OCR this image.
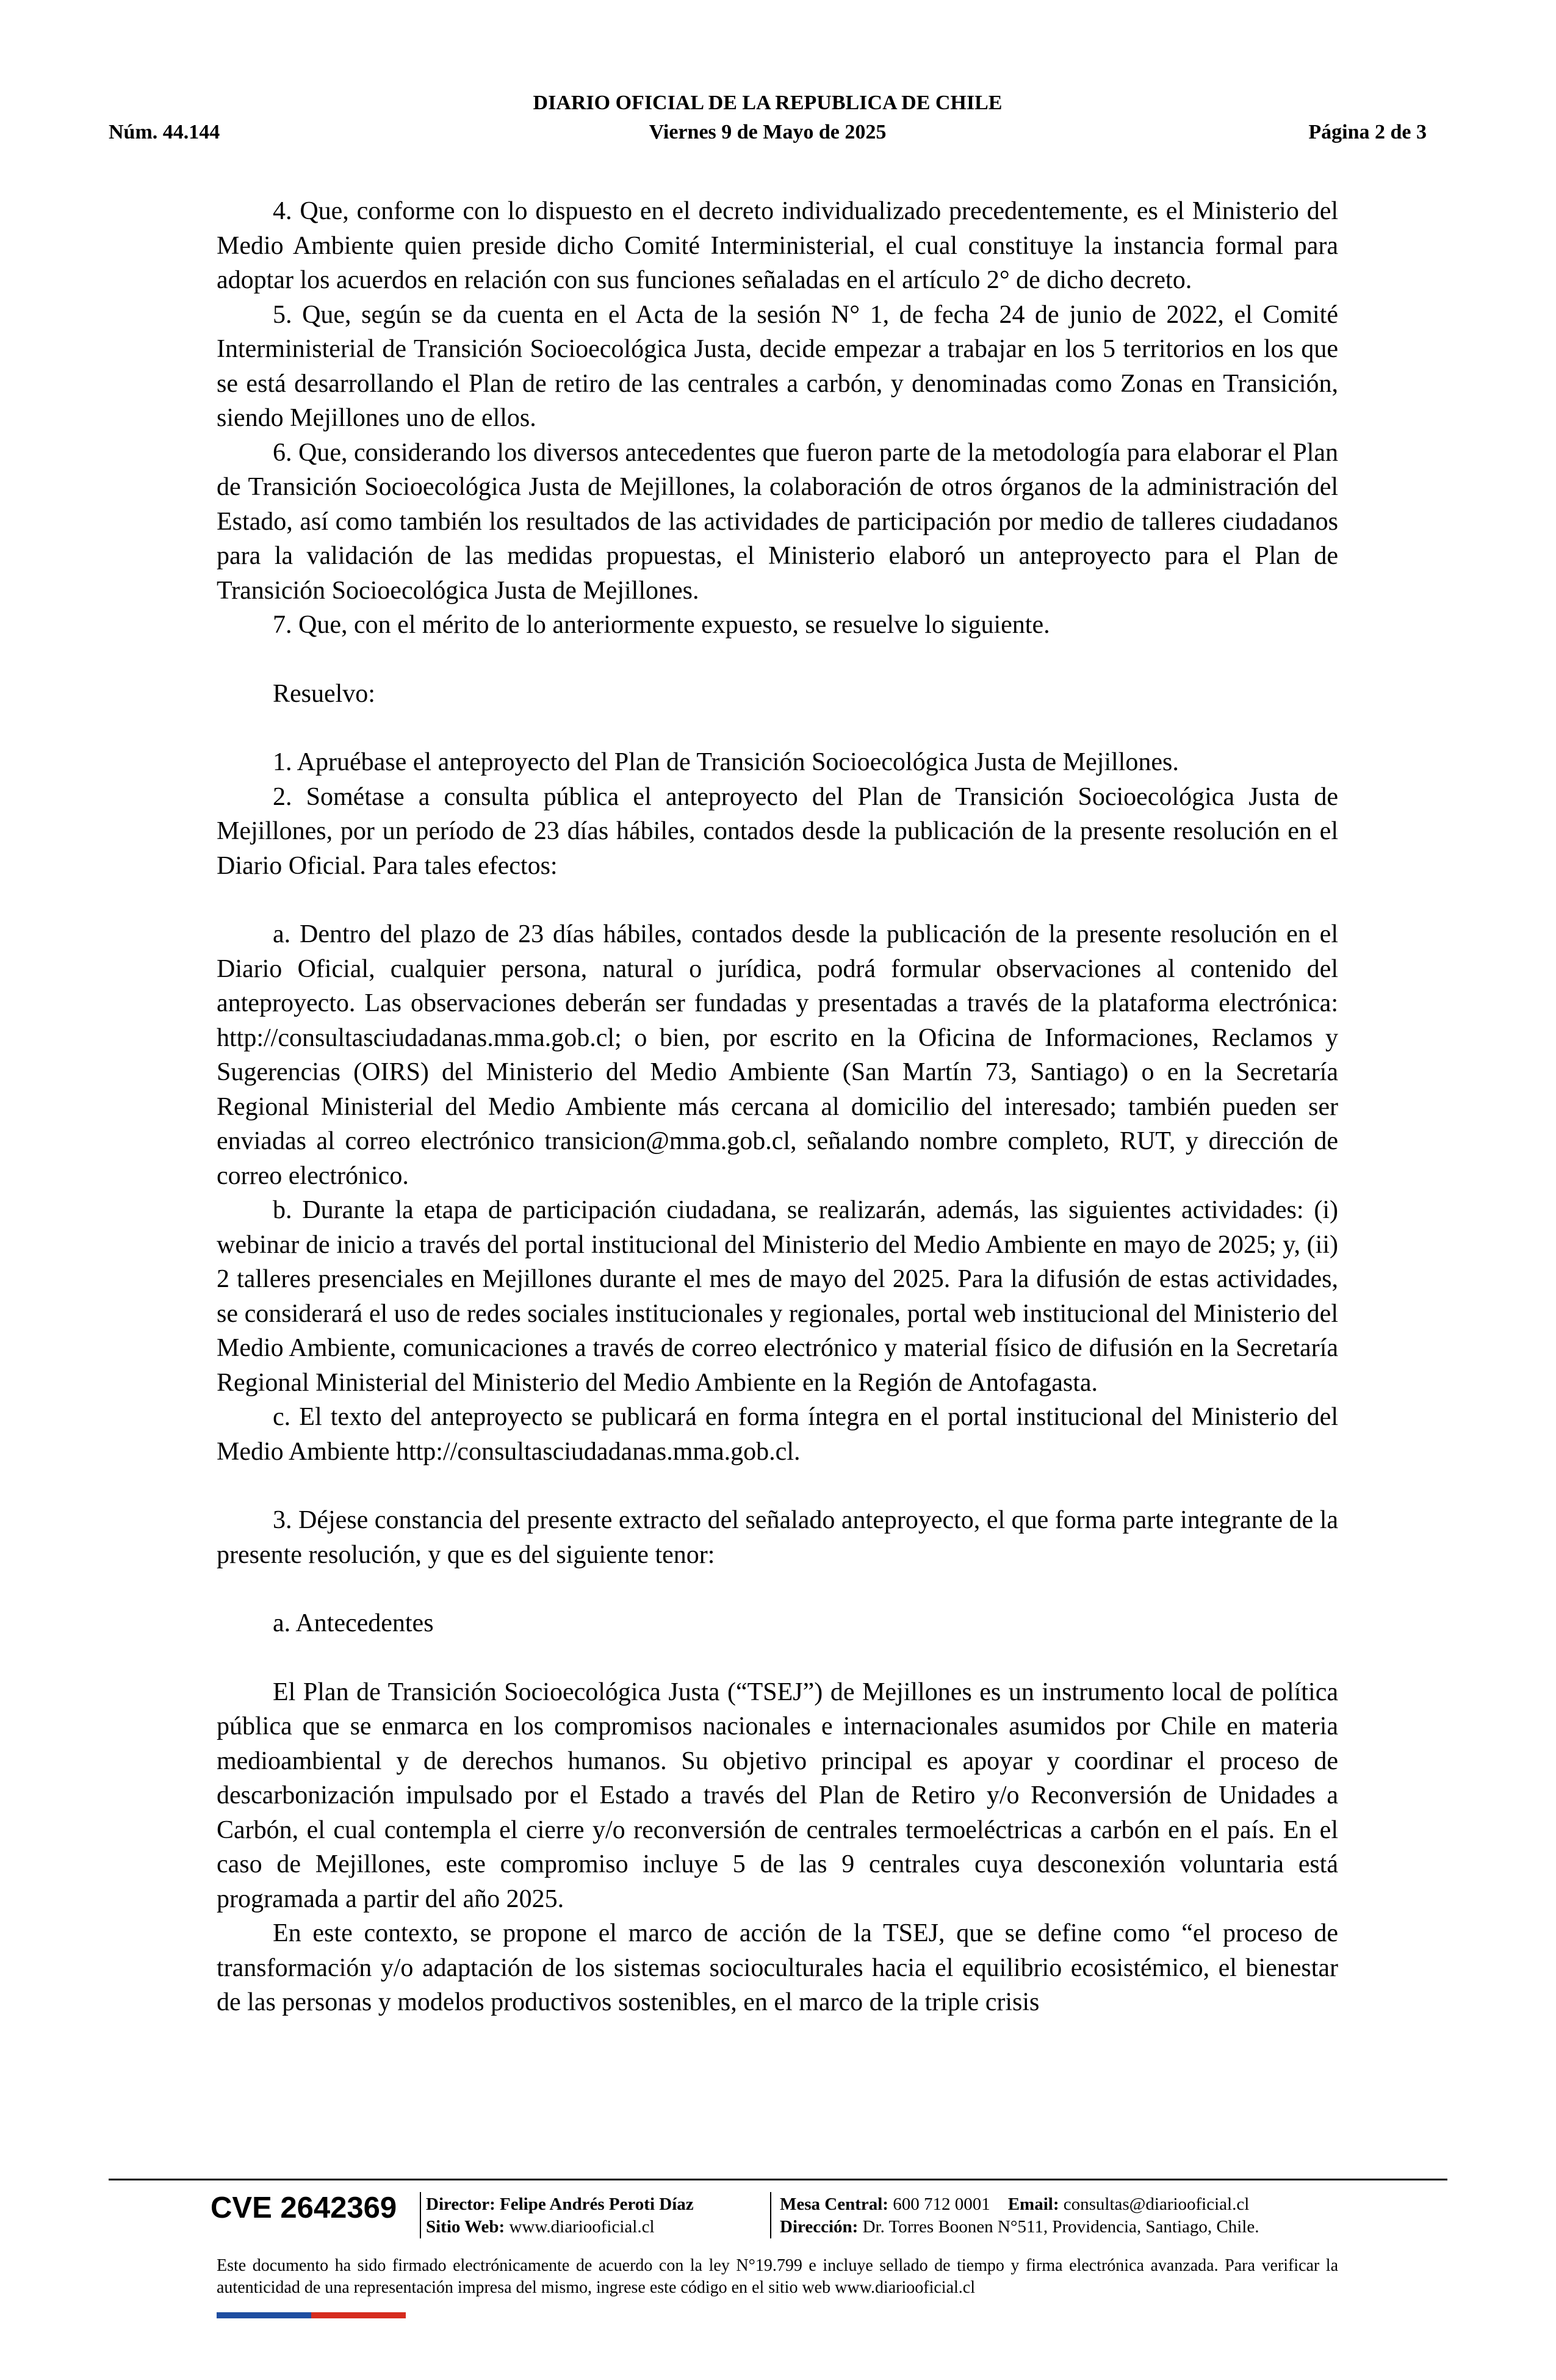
DIARIO OFICIAL DE LA REPUBLICA DE CHILE
Núm. 44.144	Viernes 9 de Mayo de 2025	Página 2 de 3

4. Que, conforme con lo dispuesto en el decreto individualizado precedentemente, es el Ministerio del Medio Ambiente quien preside dicho Comité Interministerial, el cual constituye la instancia formal para adoptar los acuerdos en relación con sus funciones señaladas en el artículo 2° de dicho decreto.

5. Que, según se da cuenta en el Acta de la sesión N° 1, de fecha 24 de junio de 2022, el Comité Interministerial de Transición Socioecológica Justa, decide empezar a trabajar en los 5 territorios en los que se está desarrollando el Plan de retiro de las centrales a carbón, y denominadas como Zonas en Transición, siendo Mejillones uno de ellos.

6. Que, considerando los diversos antecedentes que fueron parte de la metodología para elaborar el Plan de Transición Socioecológica Justa de Mejillones, la colaboración de otros órganos de la administración del Estado, así como también los resultados de las actividades de participación por medio de talleres ciudadanos para la validación de las medidas propuestas, el Ministerio elaboró un anteproyecto para el Plan de Transición Socioecológica Justa de Mejillones.

7. Que, con el mérito de lo anteriormente expuesto, se resuelve lo siguiente.

Resuelvo:

1. Apruébase el anteproyecto del Plan de Transición Socioecológica Justa de Mejillones.

2. Sométase a consulta pública el anteproyecto del Plan de Transición Socioecológica Justa de Mejillones, por un período de 23 días hábiles, contados desde la publicación de la presente resolución en el Diario Oficial. Para tales efectos:

a. Dentro del plazo de 23 días hábiles, contados desde la publicación de la presente resolución en el Diario Oficial, cualquier persona, natural o jurídica, podrá formular observaciones al contenido del anteproyecto. Las observaciones deberán ser fundadas y presentadas a través de la plataforma electrónica: http://consultasciudadanas.mma.gob.cl; o bien, por escrito en la Oficina de Informaciones, Reclamos y Sugerencias (OIRS) del Ministerio del Medio Ambiente (San Martín 73, Santiago) o en la Secretaría Regional Ministerial del Medio Ambiente más cercana al domicilio del interesado; también pueden ser enviadas al correo electrónico transicion@mma.gob.cl, señalando nombre completo, RUT, y dirección de correo electrónico.

b. Durante la etapa de participación ciudadana, se realizarán, además, las siguientes actividades: (i) webinar de inicio a través del portal institucional del Ministerio del Medio Ambiente en mayo de 2025; y, (ii) 2 talleres presenciales en Mejillones durante el mes de mayo del 2025. Para la difusión de estas actividades, se considerará el uso de redes sociales institucionales y regionales, portal web institucional del Ministerio del Medio Ambiente, comunicaciones a través de correo electrónico y material físico de difusión en la Secretaría Regional Ministerial del Ministerio del Medio Ambiente en la Región de Antofagasta.

c. El texto del anteproyecto se publicará en forma íntegra en el portal institucional del Ministerio del Medio Ambiente http://consultasciudadanas.mma.gob.cl.

3. Déjese constancia del presente extracto del señalado anteproyecto, el que forma parte integrante de la presente resolución, y que es del siguiente tenor:

a. Antecedentes

El Plan de Transición Socioecológica Justa (“TSEJ”) de Mejillones es un instrumento local de política pública que se enmarca en los compromisos nacionales e internacionales asumidos por Chile en materia medioambiental y de derechos humanos. Su objetivo principal es apoyar y coordinar el proceso de descarbonización impulsado por el Estado a través del Plan de Retiro y/o Reconversión de Unidades a Carbón, el cual contempla el cierre y/o reconversión de centrales termoeléctricas a carbón en el país. En el caso de Mejillones, este compromiso incluye 5 de las 9 centrales cuya desconexión voluntaria está programada a partir del año 2025.

En este contexto, se propone el marco de acción de la TSEJ, que se define como “el proceso de transformación y/o adaptación de los sistemas socioculturales hacia el equilibrio ecosistémico, el bienestar de las personas y modelos productivos sostenibles, en el marco de la triple crisis

CVE 2642369 Director: Felipe Andrés Peroti Díaz
Sitio Web: www.diariooficial.cl
Mesa Central: 600 712 0001 Email: consultas@diariooficial.cl
Dirección: Dr. Torres Boonen N°511, Providencia, Santiago, Chile.
Este documento ha sido firmado electrónicamente de acuerdo con la ley N°19.799 e incluye sellado de tiempo y firma electrónica avanzada. Para verificar la autenticidad de una representación impresa del mismo, ingrese este código en el sitio web www.diariooficial.cl
